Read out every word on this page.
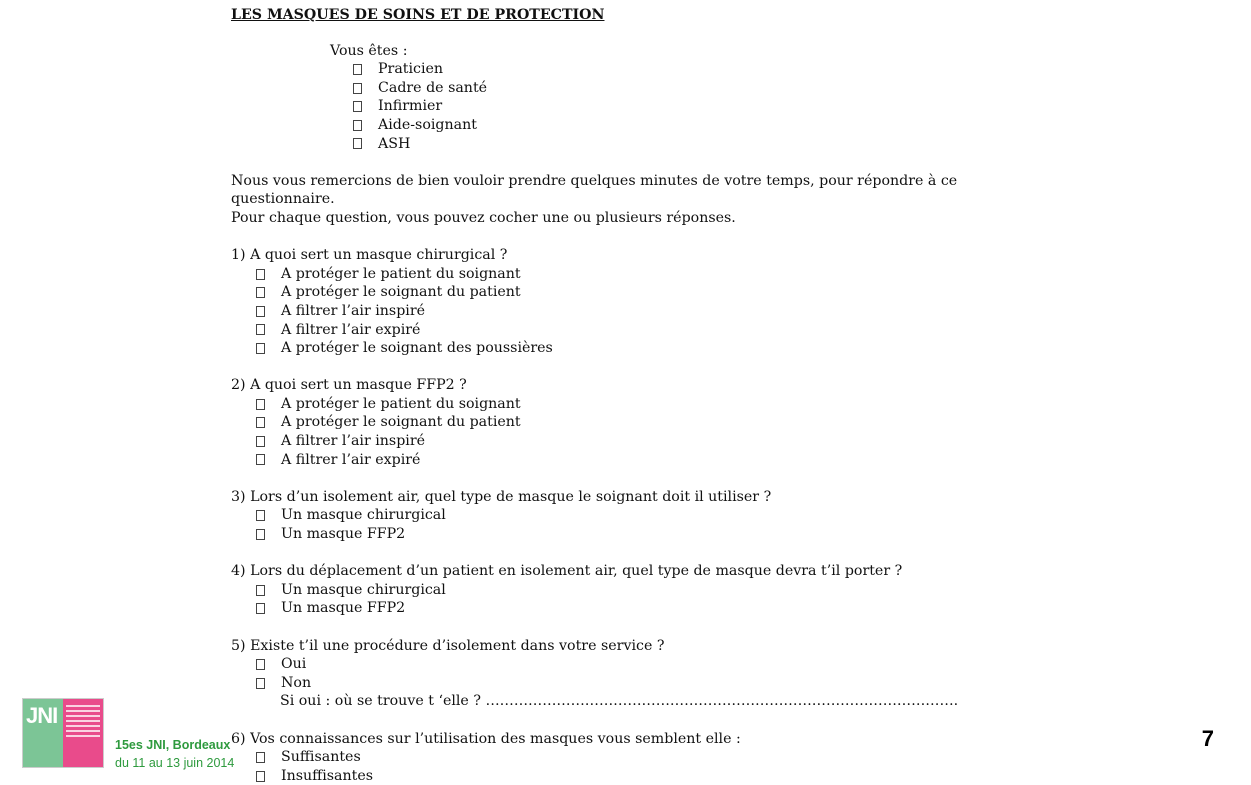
LES MASQUES DE SOINS ET DE PROTECTION
Vous êtes :
Praticien
Cadre de santé
Infirmier
Aide-soignant
ASH
Nous vous remercions de bien vouloir prendre quelques minutes de votre temps, pour répondre à ce
questionnaire.
Pour chaque question, vous pouvez cocher une ou plusieurs réponses.
1) A quoi sert un masque chirurgical ?
A protéger le patient du soignant
A protéger le soignant du patient
A filtrer l’air inspiré
A filtrer l’air expiré
A protéger le soignant des poussières
2) A quoi sert un masque FFP2 ?
A protéger le patient du soignant
A protéger le soignant du patient
A filtrer l’air inspiré
A filtrer l’air expiré
3) Lors d’un isolement air, quel type de masque le soignant doit il utiliser ?
Un masque chirurgical
Un masque FFP2
4) Lors du déplacement d’un patient en isolement air, quel type de masque devra t’il porter ?
Un masque chirurgical
Un masque FFP2
5) Existe t’il une procédure d’isolement dans votre service ?
Oui
Non
Si oui : où se trouve t ‘elle ? ……………………………………………………………………………………….
6) Vos connaissances sur l’utilisation des masques vous semblent elle :
Suffisantes
Insuffisantes
JNI
15es JNI, Bordeaux
du 11 au 13 juin 2014
7
